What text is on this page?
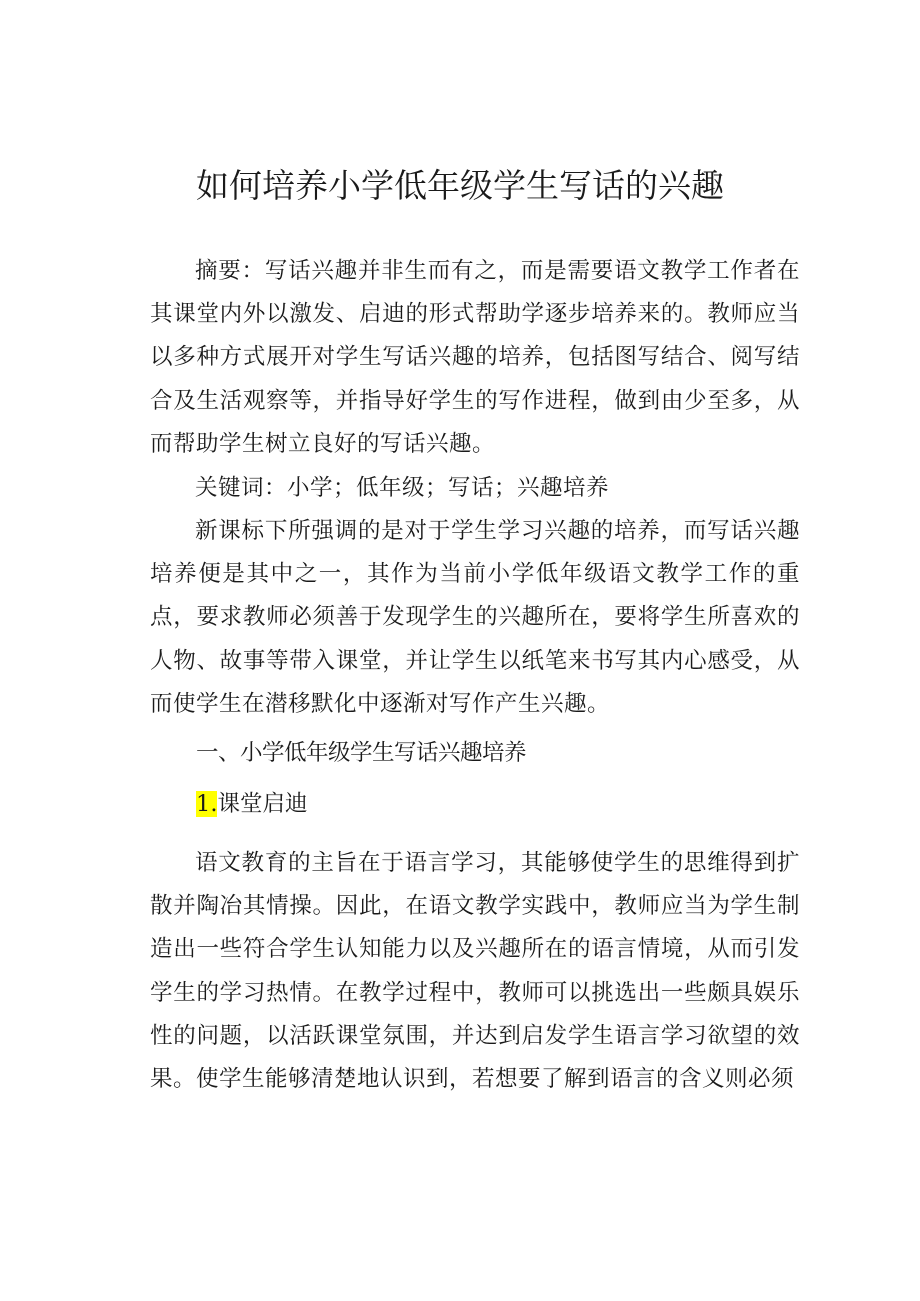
如何培养小学低年级学生写话的兴趣

摘要：写话兴趣并非生而有之，而是需要语文教学工作者在其课堂内外以激发、启迪的形式帮助学逐步培养来的。教师应当以多种方式展开对学生写话兴趣的培养，包括图写结合、阅写结合及生活观察等，并指导好学生的写作进程，做到由少至多，从而帮助学生树立良好的写话兴趣。

关键词：小学；低年级；写话；兴趣培养

新课标下所强调的是对于学生学习兴趣的培养，而写话兴趣培养便是其中之一，其作为当前小学低年级语文教学工作的重点，要求教师必须善于发现学生的兴趣所在，要将学生所喜欢的人物、故事等带入课堂，并让学生以纸笔来书写其内心感受，从而使学生在潜移默化中逐渐对写作产生兴趣。

一、小学低年级学生写话兴趣培养

1.课堂启迪

语文教育的主旨在于语言学习，其能够使学生的思维得到扩散并陶冶其情操。因此，在语文教学实践中，教师应当为学生制造出一些符合学生认知能力以及兴趣所在的语言情境，从而引发学生的学习热情。在教学过程中，教师可以挑选出一些颇具娱乐性的问题，以活跃课堂氛围，并达到启发学生语言学习欲望的效果。使学生能够清楚地认识到，若想要了解到语言的含义则必须
